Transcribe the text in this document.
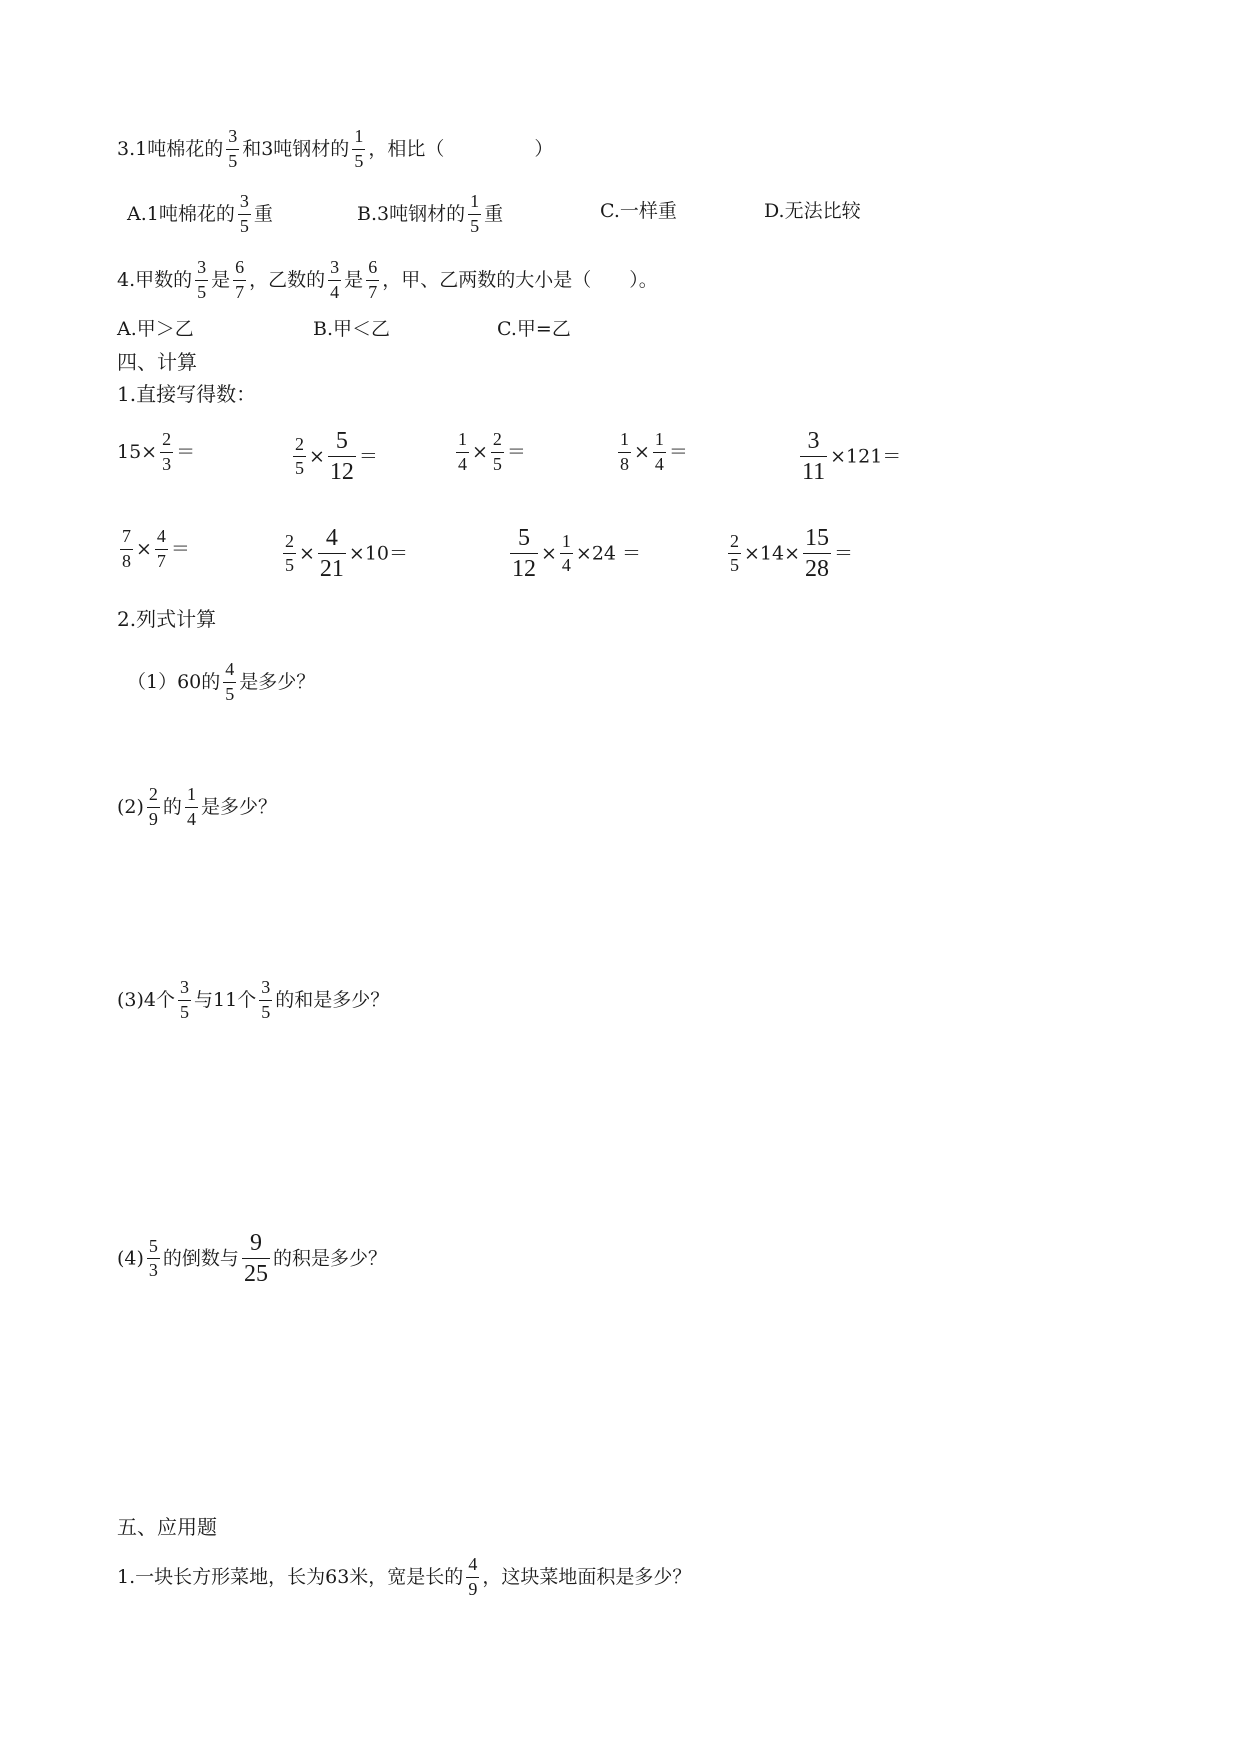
3.1吨棉花的 $\frac{3}{5}$ 和3吨钢材的 $\frac{1}{5}$ ，相比（	）
A.1吨棉花的 $\frac{3}{5}$ 重	B.3吨钢材的 $\frac{1}{5}$ 重	C.一样重	D.无法比较
4.甲数的 $\frac{3}{5}$ 是 $\frac{6}{7}$ ，乙数的 $\frac{3}{4}$ 是 $\frac{6}{7}$ ，甲、乙两数的大小是（ ）。
A.甲＞乙	B.甲＜乙	C.甲=乙
四、计算
1.直接写得数：
$15\times \frac{2}{3}$ ＝	$\frac{2}{5} \times \frac{5}{12}$ ＝	$\frac{1}{4} \times \frac{2}{5}$ ＝	$\frac{1}{8} \times \frac{1}{4}$ ＝	$\frac{3}{11} \times 121=$
$\frac{7}{8} \times \frac{4}{7}$ ＝	$\frac{2}{5} \times \frac{4}{21} \times 10=$	$\frac{5}{12} \times \frac{1}{4} \times 24$ ＝	$\frac{2}{5} \times 14\times \frac{15}{28}$ ＝
2.列式计算
（1）60的 $\frac{4}{5}$ 是多少？
$(2) \frac{2}{9}$ 的 $\frac{1}{4}$ 是多少？
(3)4个 $\frac{3}{5}$ 与11个 $\frac{3}{5}$ 的和是多少？
$(4) \frac{5}{3}$ 的倒数与 $\frac{9}{25}$ 的积是多少？
五、应用题
1.一块长方形菜地，长为63米，宽是长的 $\frac{4}{9}$ ，这块菜地面积是多少？
